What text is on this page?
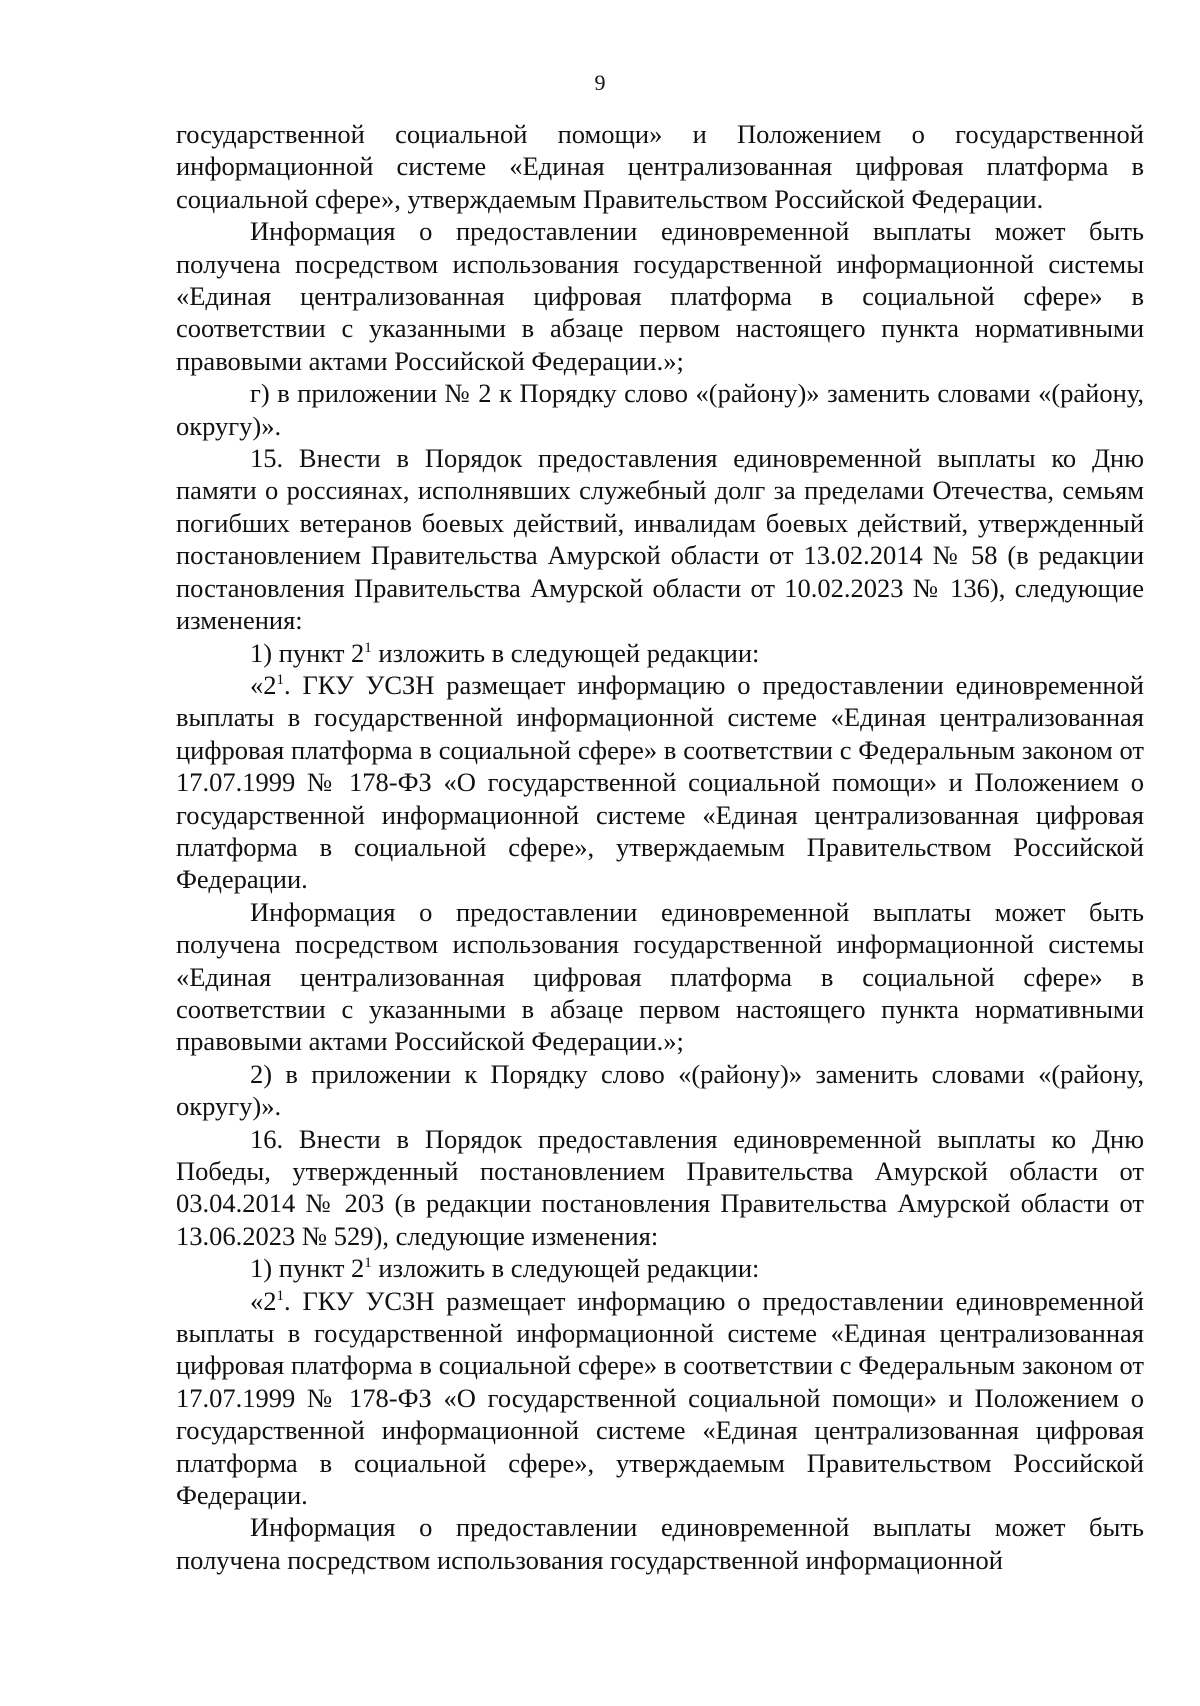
9

государственной социальной помощи» и Положением о государственной информационной системе «Единая централизованная цифровая платформа в социальной сфере», утверждаемым Правительством Российской Федерации.

Информация о предоставлении единовременной выплаты может быть получена посредством использования государственной информационной системы «Единая централизованная цифровая платформа в социальной сфере» в соответствии с указанными в абзаце первом настоящего пункта нормативными правовыми актами Российской Федерации.»;

г) в приложении № 2 к Порядку слово «(району)» заменить словами «(району, округу)».

15. Внести в Порядок предоставления единовременной выплаты ко Дню памяти о россиянах, исполнявших служебный долг за пределами Отечества, семьям погибших ветеранов боевых действий, инвалидам боевых действий, утвержденный постановлением Правительства Амурской области от 13.02.2014 № 58 (в редакции постановления Правительства Амурской области от 10.02.2023 № 136), следующие изменения:

1) пункт $2^1$ изложить в следующей редакции:

«$2^1$. ГКУ УСЗН размещает информацию о предоставлении единовременной выплаты в государственной информационной системе «Единая централизованная цифровая платформа в социальной сфере» в соответствии с Федеральным законом от 17.07.1999 № 178-ФЗ «О государственной социальной помощи» и Положением о государственной информационной системе «Единая централизованная цифровая платформа в социальной сфере», утверждаемым Правительством Российской Федерации.

Информация о предоставлении единовременной выплаты может быть получена посредством использования государственной информационной системы «Единая централизованная цифровая платформа в социальной сфере» в соответствии с указанными в абзаце первом настоящего пункта нормативными правовыми актами Российской Федерации.»;

2) в приложении к Порядку слово «(району)» заменить словами «(району, округу)».

16. Внести в Порядок предоставления единовременной выплаты ко Дню Победы, утвержденный постановлением Правительства Амурской области от 03.04.2014 № 203 (в редакции постановления Правительства Амурской области от 13.06.2023 № 529), следующие изменения:

1) пункт $2^1$ изложить в следующей редакции:

«$2^1$. ГКУ УСЗН размещает информацию о предоставлении единовременной выплаты в государственной информационной системе «Единая централизованная цифровая платформа в социальной сфере» в соответствии с Федеральным законом от 17.07.1999 № 178-ФЗ «О государственной социальной помощи» и Положением о государственной информационной системе «Единая централизованная цифровая платформа в социальной сфере», утверждаемым Правительством Российской Федерации.

Информация о предоставлении единовременной выплаты может быть получена посредством использования государственной информационной
